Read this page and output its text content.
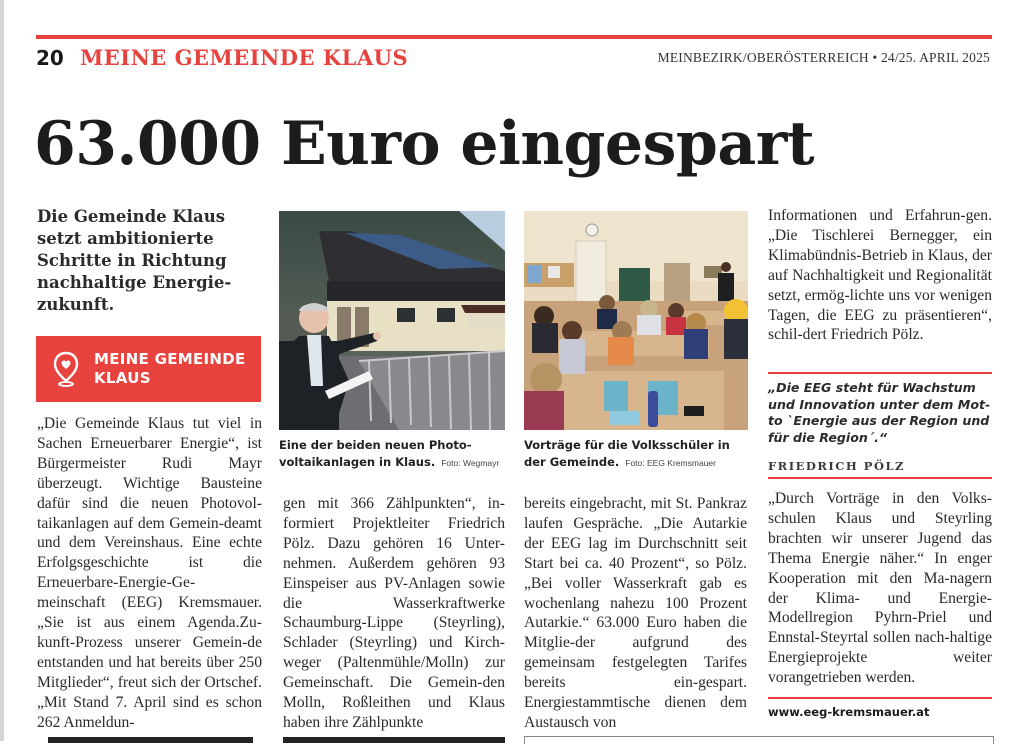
20 MEINE GEMEINDE KLAUS	MEINBEZIRK/OBERÖSTERREICH • 24/25. APRIL 2025
63.000 Euro eingespart
Die Gemeinde Klaus setzt ambitionierte Schritte in Richtung nachhaltige Energie-zukunft.
MEINE GEMEINDE
KLAUS

„Die Gemeinde Klaus tut viel in Sachen Erneuerbarer Energie“, ist Bürgermeister Rudi Mayr überzeugt. Wichtige Bausteine dafür sind die neuen Photovol-taikanlagen auf dem Gemein-deamt und dem Vereinshaus. Eine echte Erfolgsgeschichte ist die Erneuerbare-Energie-Ge-meinschaft (EEG) Kremsmauer. „Sie ist aus einem Agenda.Zu-kunft-Prozess unserer Gemein-de entstanden und hat bereits über 250 Mitglieder“, freut sich der Ortschef. „Mit Stand 7. April sind es schon 262 Anmeldun-

Eine der beiden neuen Photo-voltaikanlagen in Klaus. Foto: Wegmayr
Vorträge für die Volksschüler in der Gemeinde. Foto: EEG Kremsmauer

gen mit 366 Zählpunkten“, in-formiert Projektleiter Friedrich Pölz. Dazu gehören 16 Unter-nehmen. Außerdem gehören 93 Einspeiser aus PV-Anlagen sowie die Wasserkraftwerke Schaumburg-Lippe (Steyrling), Schlader (Steyrling) und Kirch-weger (Paltenmühle/Molln) zur Gemeinschaft. Die Gemein-den Molln, Roßleithen und Klaus haben ihre Zählpunkte

bereits eingebracht, mit St. Pankraz laufen Gespräche. „Die Autarkie der EEG lag im Durchschnitt seit Start bei ca. 40 Prozent“, so Pölz. „Bei voller Wasserkraft gab es wochenlang nahezu 100 Prozent Autarkie.“ 63.000 Euro haben die Mitglie-der aufgrund des gemeinsam festgelegten Tarifes bereits ein-gespart. Energiestammtische dienen dem Austausch von

Informationen und Erfahrun-gen. „Die Tischlerei Bernegger, ein Klimabündnis-Betrieb in Klaus, der auf Nachhaltigkeit und Regionalität setzt, ermög-lichte uns vor wenigen Tagen, die EEG zu präsentieren“, schil-dert Friedrich Pölz.

„Die EEG steht für Wachstum und Innovation unter dem Mot-to `Energie aus der Region und für die Region´.“
FRIEDRICH PÖLZ

„Durch Vorträge in den Volks-schulen Klaus und Steyrling brachten wir unserer Jugend das Thema Energie näher.“ In enger Kooperation mit den Ma-nagern der Klima- und Energie-Modellregion Pyhrn-Priel und Ennstal-Steyrtal sollen nach-haltige Energieprojekte weiter vorangetrieben werden.

www.eeg-kremsmauer.at
